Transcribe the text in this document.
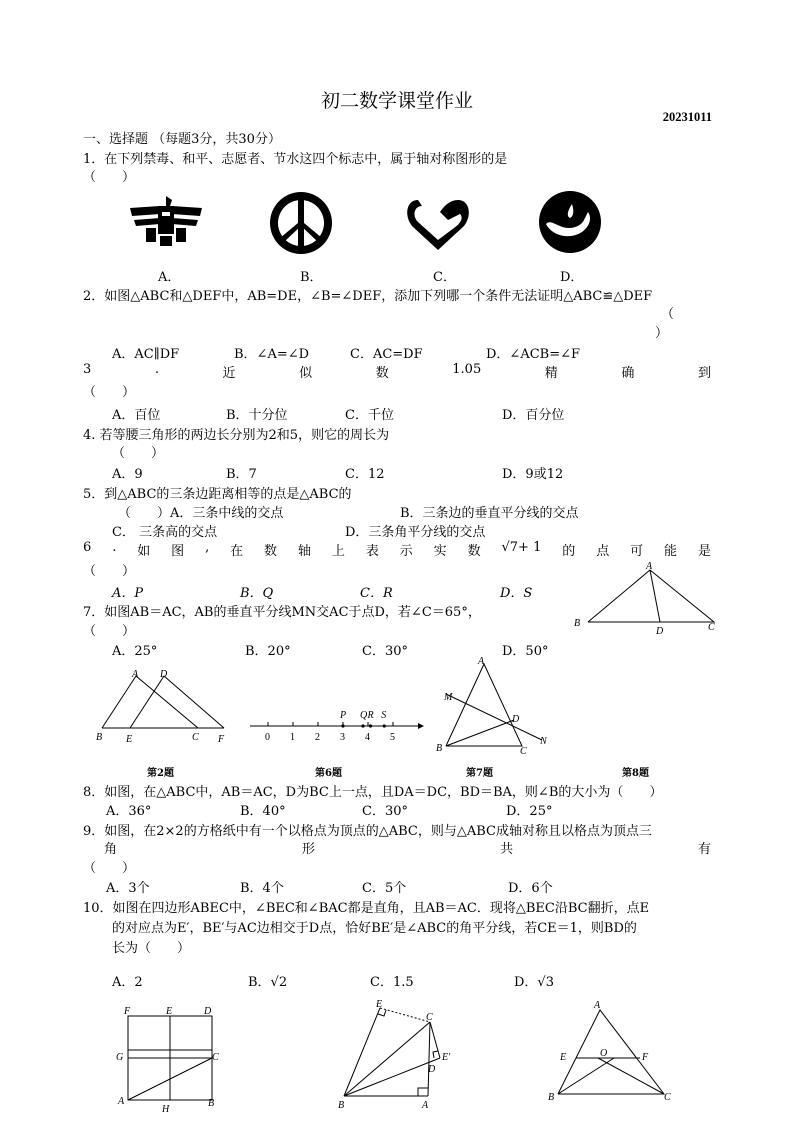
初二数学课堂作业
20231011
一、选择题 （每题3分，共30分）
1．在下列禁毒、和平、志愿者、节水这四个标志中，属于轴对称图形的是
（　　）
A．	B．	C．	D．
2．如图△ABC和△DEF中，AB=DE，∠B=∠DEF，添加下列哪一个条件无法证明△ABC≌△DEF
（
）
A．AC∥DF	B．∠A=∠D	C．AC=DF	D．∠ACB=∠F
3	.	近	似	数	1.05	精	确	到
（　　）
A．百位	B．十分位	C．千位	D．百分位
4. 若等腰三角形的两边长分别为2和5，则它的周长为
（　　）
A．9	B．7	C．12	D．9或12
5．到△ABC的三条边距离相等的点是△ABC的
（　　）A．三条中线的交点	B．三条边的垂直平分线的交点
C． 三条高的交点	D．三条角平分线的交点
6 . 如 图 , 在 数 轴 上 表 示 实 数 √7+ 1 的 点 可 能 是
（　　）
A．P	B．Q	C．R	D．S
7．如图AB＝AC，AB的垂直平分线MN交AC于点D，若∠C＝65°，
（　　）
A．25°	B．20°	C．30°	D．50°
A
B
D	C
A D
B E	C F	0 1 2 3 4 5
P Q R S
A
M
D
B	C
N
第2题	第6题	第7题	第8题
8．如图，在△ABC中，AB＝AC，D为BC上一点，且DA＝DC，BD＝BA，则∠B的大小为（　　）
A．36°	B．40°	C．30°	D．25°
9．如图，在2×2的方格纸中有一个以格点为顶点的△ABC，则与△ABC成轴对称且以格点为顶点三
角	形	共	有
（　　）
A．3个	B．4个	C．5个	D．6个
10．如图在四边形ABEC中，∠BEC和∠BAC都是直角，且AB＝AC．现将△BEC沿BC翻折，点E
的对应点为E′，BE′与AC边相交于D点，恰好BE′是∠ABC的角平分线，若CE＝1，则BD的
长为（　　）
A．2	B．√2	C．1.5	D．√3
F	E	D
G	C
A
H
B
E
C
E′
D
B	A
A
E	O	F
B	C
